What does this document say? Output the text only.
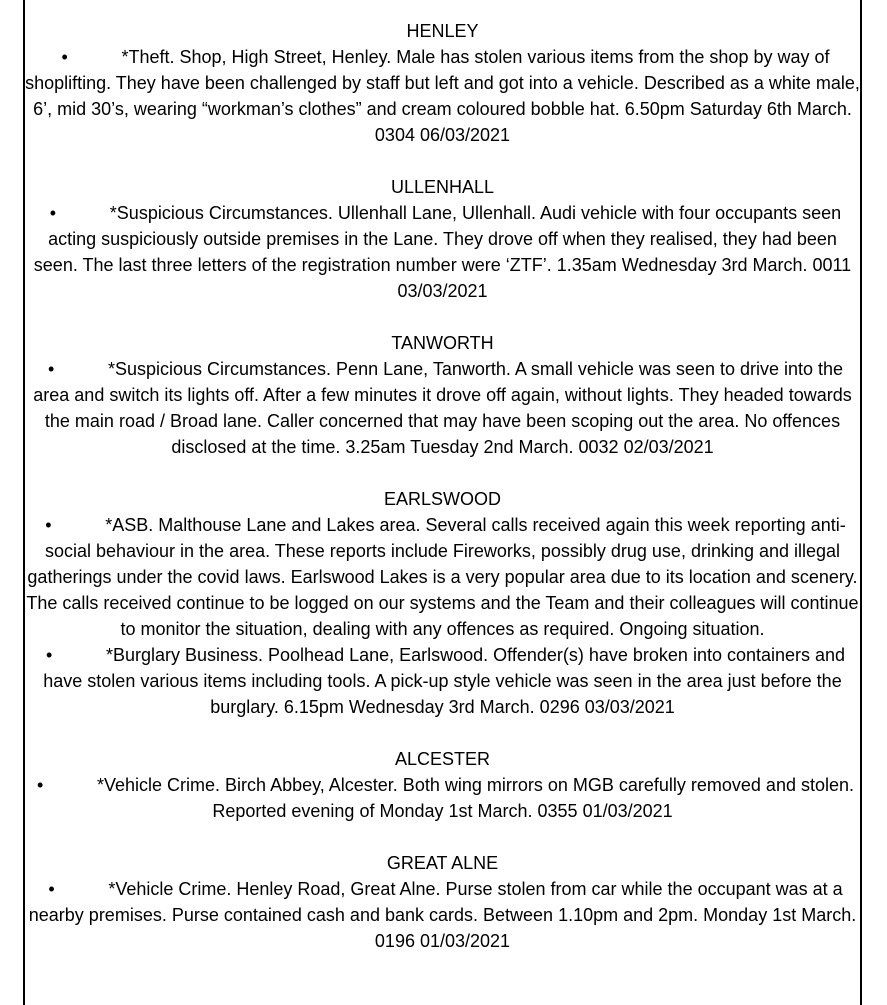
HENLEY

•	*Theft. Shop, High Street, Henley. Male has stolen various items from the shop by way of shoplifting. They have been challenged by staff but left and got into a vehicle. Described as a white male, 6’, mid 30’s, wearing “workman’s clothes” and cream coloured bobble hat. 6.50pm Saturday 6th March. 0304 06/03/2021

ULLENHALL

•	*Suspicious Circumstances. Ullenhall Lane, Ullenhall. Audi vehicle with four occupants seen acting suspiciously outside premises in the Lane. They drove off when they realised, they had been seen. The last three letters of the registration number were ‘ZTF’. 1.35am Wednesday 3rd March. 0011 03/03/2021

TANWORTH

•	*Suspicious Circumstances. Penn Lane, Tanworth. A small vehicle was seen to drive into the area and switch its lights off. After a few minutes it drove off again, without lights. They headed towards the main road / Broad lane. Caller concerned that may have been scoping out the area. No offences disclosed at the time. 3.25am Tuesday 2nd March. 0032 02/03/2021

EARLSWOOD

•	*ASB. Malthouse Lane and Lakes area. Several calls received again this week reporting anti-social behaviour in the area. These reports include Fireworks, possibly drug use, drinking and illegal gatherings under the covid laws. Earlswood Lakes is a very popular area due to its location and scenery. The calls received continue to be logged on our systems and the Team and their colleagues will continue to monitor the situation, dealing with any offences as required. Ongoing situation.

•	*Burglary Business. Poolhead Lane, Earlswood. Offender(s) have broken into containers and have stolen various items including tools. A pick-up style vehicle was seen in the area just before the burglary. 6.15pm Wednesday 3rd March. 0296 03/03/2021

ALCESTER

•	*Vehicle Crime. Birch Abbey, Alcester. Both wing mirrors on MGB carefully removed and stolen. Reported evening of Monday 1st March. 0355 01/03/2021

GREAT ALNE

•	*Vehicle Crime. Henley Road, Great Alne. Purse stolen from car while the occupant was at a nearby premises. Purse contained cash and bank cards. Between 1.10pm and 2pm. Monday 1st March. 0196 01/03/2021
